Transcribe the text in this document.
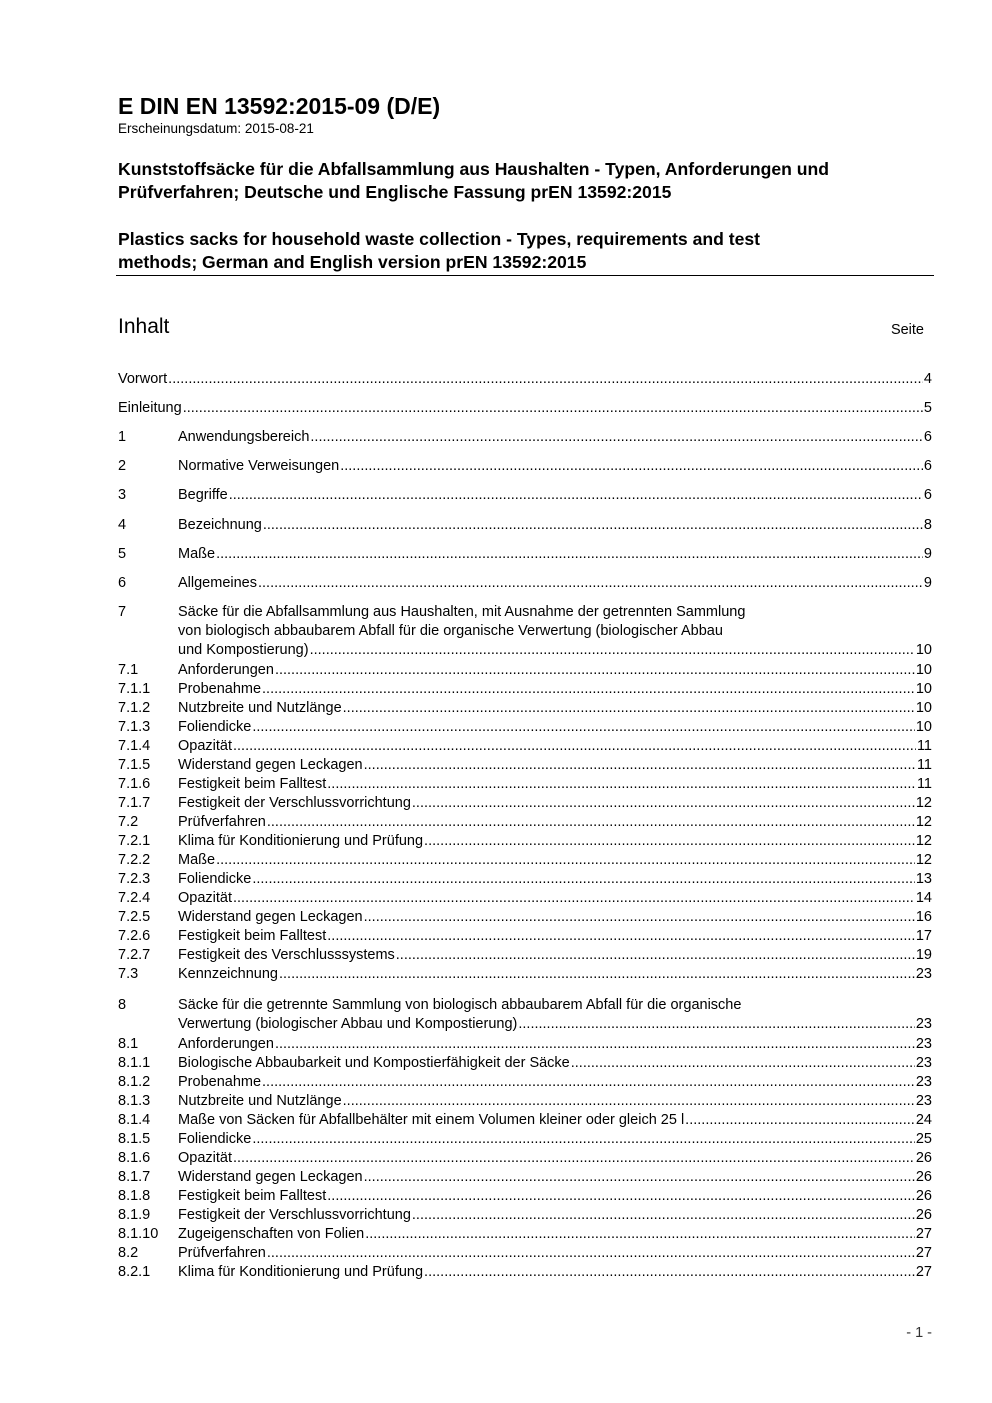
E DIN EN 13592:2015-09 (D/E)
Erscheinungsdatum: 2015-08-21
Kunststoffsäcke für die Abfallsammlung aus Haushalten - Typen, Anforderungen und
Prüfverfahren; Deutsche und Englische Fassung prEN 13592:2015
Plastics sacks for household waste collection - Types, requirements and test
methods; German and English version prEN 13592:2015
Inhalt	Seite
Vorwort .....	4
Einleitung .....	5
1	Anwendungsbereich .....	6
2	Normative Verweisungen .....	6
3	Begriffe .....	6
4	Bezeichnung .....	8
5	Maße .....	9
6	Allgemeines .....	9
7	Säcke für die Abfallsammlung aus Haushalten, mit Ausnahme der getrennten Sammlung
von biologisch abbaubarem Abfall für die organische Verwertung (biologischer Abbau
und Kompostierung) .....	10
7.1	Anforderungen .....	10
7.1.1 Probenahme .....	10
7.1.2 Nutzbreite und Nutzlänge .....	10
7.1.3 Foliendicke .....	10
7.1.4 Opazität .....	11
7.1.5 Widerstand gegen Leckagen .....	11
7.1.6 Festigkeit beim Falltest .....	11
7.1.7 Festigkeit der Verschlussvorrichtung .....	12
7.2	Prüfverfahren .....	12
7.2.1 Klima für Konditionierung und Prüfung .....	12
7.2.2 Maße .....	12
7.2.3 Foliendicke .....	13
7.2.4 Opazität .....	14
7.2.5 Widerstand gegen Leckagen .....	16
7.2.6 Festigkeit beim Falltest .....	17
7.2.7 Festigkeit des Verschlusssystems .....	19
7.3	Kennzeichnung .....	23
8	Säcke für die getrennte Sammlung von biologisch abbaubarem Abfall für die organische
Verwertung (biologischer Abbau und Kompostierung) .....	23
8.1	Anforderungen .....	23
8.1.1 Biologische Abbaubarkeit und Kompostierfähigkeit der Säcke .....	23
8.1.2 Probenahme .....	23
8.1.3 Nutzbreite und Nutzlänge .....	23
8.1.4 Maße von Säcken für Abfallbehälter mit einem Volumen kleiner oder gleich 25 l .....	24
8.1.5 Foliendicke .....	25
8.1.6 Opazität .....	26
8.1.7 Widerstand gegen Leckagen .....	26
8.1.8 Festigkeit beim Falltest .....	26
8.1.9 Festigkeit der Verschlussvorrichtung .....	26
8.1.10 Zugeigenschaften von Folien .....	27
8.2	Prüfverfahren .....	27
8.2.1 Klima für Konditionierung und Prüfung .....	27
- 1 -
